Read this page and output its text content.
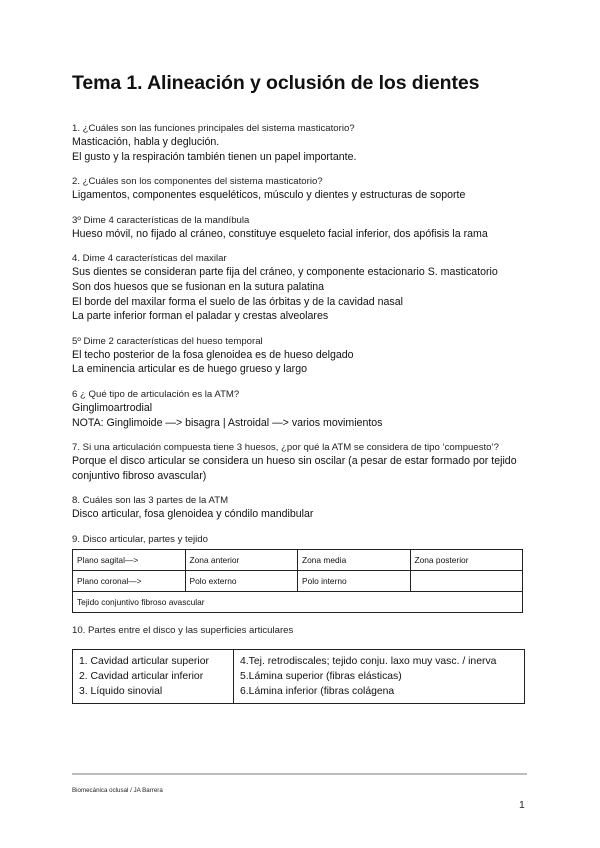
Tema 1. Alineación y oclusión de los dientes
1. ¿Cuáles son las funciones principales del sistema masticatorio?
Masticación, habla y deglución.
El gusto y la respiración también tienen un papel importante.
2. ¿Cuáles son los componentes del sistema masticatorio?
Ligamentos, componentes esqueléticos, músculo y dientes y estructuras de soporte
3º Dime 4 características de la mandíbula
Hueso móvil, no fijado al cráneo, constituye esqueleto facial inferior, dos apófisis la rama
4. Dime 4 características del maxilar
Sus dientes se consideran parte fija del cráneo, y componente estacionario S. masticatorio
Son dos huesos que se fusionan en la sutura palatina
El borde del maxilar forma el suelo de las órbitas y de la cavidad nasal
La parte inferior forman el paladar y crestas alveolares
5º Dime 2 características del hueso temporal
El techo posterior de la fosa glenoidea es de hueso delgado
La eminencia articular es de huego grueso y largo
6 ¿ Qué tipo de articulación es la ATM?
Ginglimoartrodial
NOTA: Ginglimoide —> bisagra | Astroidal —> varios movimientos
7. Si una articulación compuesta tiene 3 huesos, ¿por qué la ATM se considera de tipo ‘compuesto’?
Porque el disco articular se considera un hueso sin oscilar (a pesar de estar formado por tejido conjuntivo fibroso avascular)
8. Cuáles son las 3 partes de la ATM
Disco articular, fosa glenoidea y cóndilo mandibular
9. Disco articular, partes y tejido
Plano sagital—>	Zona anterior	Zona media	Zona posterior
Plano coronal—>	Polo externo	Polo interno	
Tejido conjuntivo fibroso avascular			
10. Partes entre el disco y las superficies articulares
1. Cavidad articular superior
2. Cavidad articular inferior
3. Líquido sinovial
4.Tej. retrodiscales; tejido conju. laxo muy vasc. / inerva
5.Lámina superior (fibras elásticas)
6.Lámina inferior (fibras colágena
Biomecánica oclusal / JA Barrera
1
